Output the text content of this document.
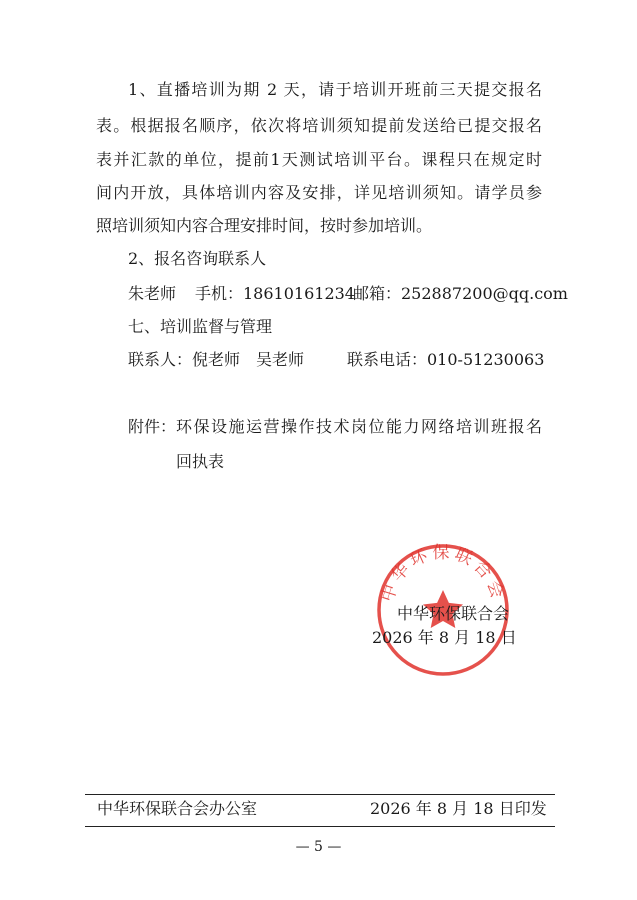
1、直播培训为期 2 天，请于培训开班前三天提交报名
表。根据报名顺序，依次将培训须知提前发送给已提交报名
表并汇款的单位，提前1天测试培训平台。课程只在规定时
间内开放，具体培训内容及安排，详见培训须知。请学员参
照培训须知内容合理安排时间，按时参加培训。
2、报名咨询联系人
朱老师	手机：18610161234
邮箱：252887200@qq.com
七、培训监督与管理
联系人：倪老师　吴老师	联系电话：010-51230063
附件： 环保设施运营操作技术岗位能力网络培训班报名
回执表
中华环保联合会
中华环保联合会
2026 年 8 月 18 日
中华环保联合会办公室	2026 年 8 月 18 日印发
— 5 —
